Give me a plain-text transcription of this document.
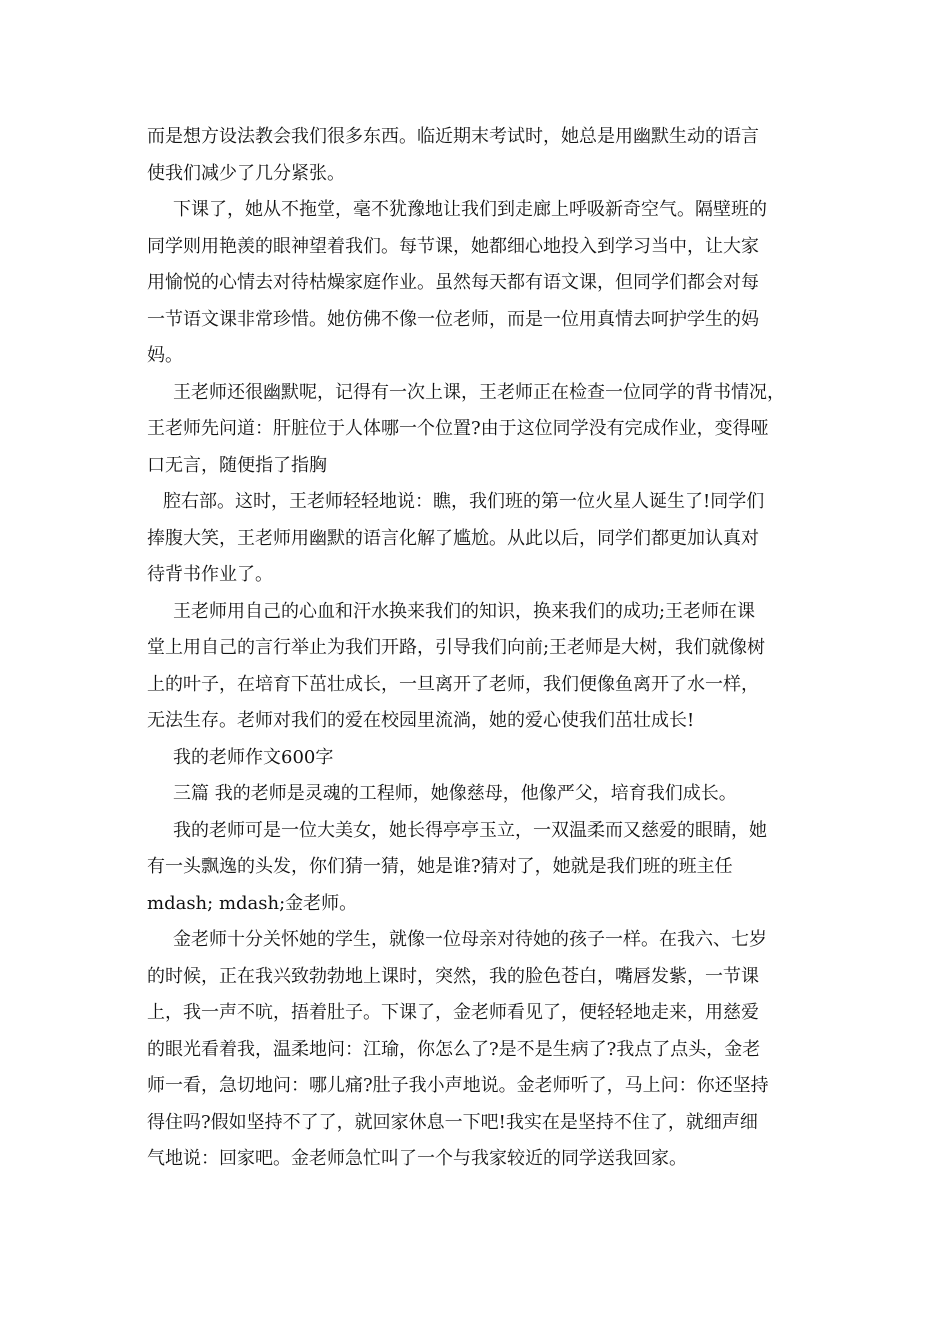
而是想方设法教会我们很多东西。临近期末考试时，她总是用幽默生动的语言
使我们减少了几分紧张。
下课了，她从不拖堂，毫不犹豫地让我们到走廊上呼吸新奇空气。隔壁班的
同学则用艳羡的眼神望着我们。每节课，她都细心地投入到学习当中，让大家
用愉悦的心情去对待枯燥家庭作业。虽然每天都有语文课，但同学们都会对每
一节语文课非常珍惜。她仿佛不像一位老师，而是一位用真情去呵护学生的妈
妈。
王老师还很幽默呢，记得有一次上课，王老师正在检查一位同学的背书情况，
王老师先问道：肝脏位于人体哪一个位置?由于这位同学没有完成作业，变得哑
口无言，随便指了指胸
腔右部。这时，王老师轻轻地说：瞧，我们班的第一位火星人诞生了!同学们
捧腹大笑，王老师用幽默的语言化解了尴尬。从此以后，同学们都更加认真对
待背书作业了。
王老师用自己的心血和汗水换来我们的知识，换来我们的成功;王老师在课
堂上用自己的言行举止为我们开路，引导我们向前;王老师是大树，我们就像树
上的叶子，在培育下茁壮成长，一旦离开了老师，我们便像鱼离开了水一样，
无法生存。老师对我们的爱在校园里流淌，她的爱心使我们茁壮成长!
我的老师作文600字
三篇 我的老师是灵魂的工程师，她像慈母，他像严父，培育我们成长。
我的老师可是一位大美女，她长得亭亭玉立，一双温柔而又慈爱的眼睛，她
有一头飘逸的头发，你们猜一猜，她是谁?猜对了，她就是我们班的班主任
mdash; mdash;金老师。
金老师十分关怀她的学生，就像一位母亲对待她的孩子一样。在我六、七岁
的时候，正在我兴致勃勃地上课时，突然，我的脸色苍白，嘴唇发紫，一节课
上，我一声不吭，捂着肚子。下课了，金老师看见了，便轻轻地走来，用慈爱
的眼光看着我，温柔地问：江瑜，你怎么了?是不是生病了?我点了点头，金老
师一看，急切地问：哪儿痛?肚子我小声地说。金老师听了，马上问：你还坚持
得住吗?假如坚持不了了，就回家休息一下吧!我实在是坚持不住了，就细声细
气地说：回家吧。金老师急忙叫了一个与我家较近的同学送我回家。
